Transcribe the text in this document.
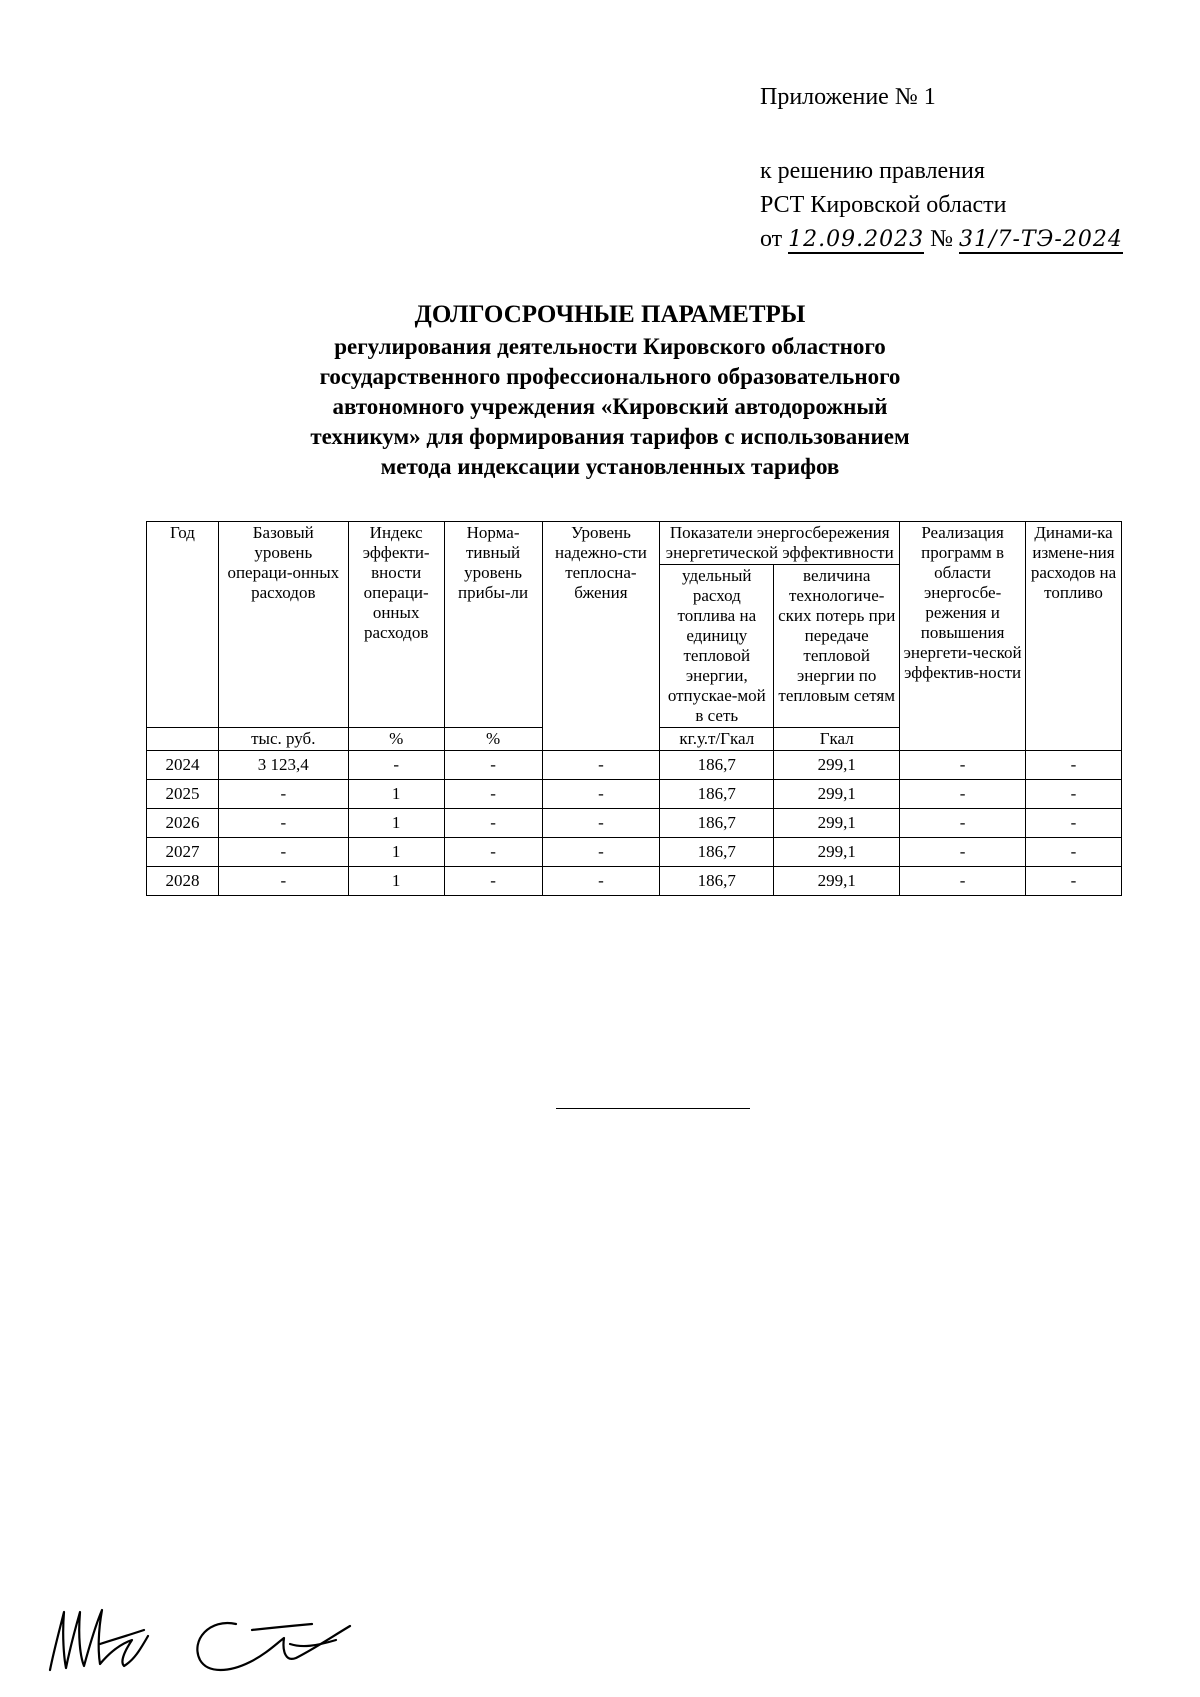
Приложение № 1
к решению правления
РСТ Кировской области
от 12.09.2023 № 31/7-ТЭ-2024
ДОЛГОСРОЧНЫЕ ПАРАМЕТРЫ
регулирования деятельности Кировского областного
государственного профессионального образовательного
автономного учреждения «Кировский автодорожный
техникум» для формирования тарифов с использованием
метода индексации установленных тарифов
Год	Базовый уровень операци-онных расходов	Индекс эффекти-вности операци-онных расходов	Норма-тивный уровень прибы-ли	Уровень надежно-сти теплосна-бжения	Показатели энергосбережения энергетической эффективности		Реализация программ в области энергосбе-режения и повышения энергети-ческой эффектив-ности	Динами-ка измене-ния расходов на топливо
					удельный расход топлива на единицу тепловой энергии, отпускае-мой в сеть	величина технологиче-ских потерь при передаче тепловой энергии по тепловым сетям		
	тыс. руб.	%	%		кг.у.т/Гкал	Гкал		
2024	3 123,4	-	-	-	186,7	299,1	-	-
2025	-	1	-	-	186,7	299,1	-	-
2026	-	1	-	-	186,7	299,1	-	-
2027	-	1	-	-	186,7	299,1	-	-
2028	-	1	-	-	186,7	299,1	-	-
